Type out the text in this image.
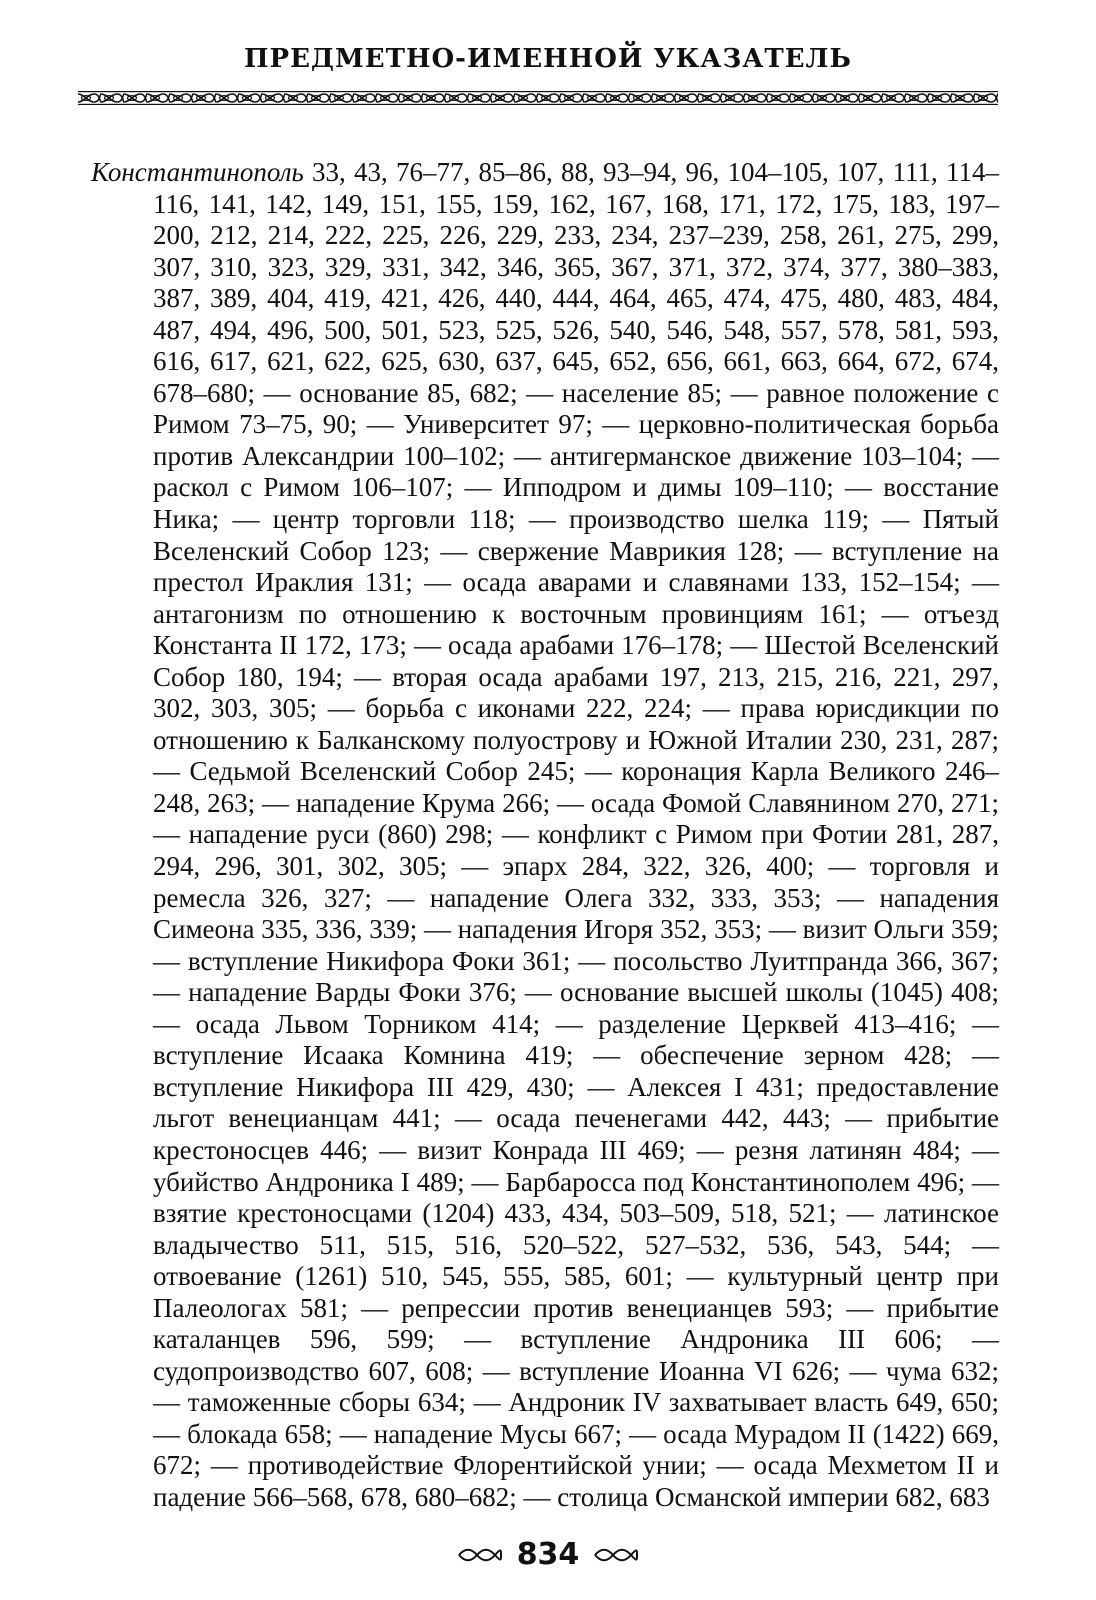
ПРЕДМЕТНО-ИМЕННОЙ УКАЗАТЕЛЬ

Константинополь 33, 43, 76–77, 85–86, 88, 93–94, 96, 104–105, 107, 111, 114–116, 141, 142, 149, 151, 155, 159, 162, 167, 168, 171, 172, 175, 183, 197–200, 212, 214, 222, 225, 226, 229, 233, 234, 237–239, 258, 261, 275, 299, 307, 310, 323, 329, 331, 342, 346, 365, 367, 371, 372, 374, 377, 380–383, 387, 389, 404, 419, 421, 426, 440, 444, 464, 465, 474, 475, 480, 483, 484, 487, 494, 496, 500, 501, 523, 525, 526, 540, 546, 548, 557, 578, 581, 593, 616, 617, 621, 622, 625, 630, 637, 645, 652, 656, 661, 663, 664, 672, 674, 678–680; — основание 85, 682; — население 85; — равное положение с Римом 73–75, 90; — Университет 97; — церковно-политическая борьба против Александрии 100–102; — антигерманское движение 103–104; — раскол с Римом 106–107; — Ипподром и димы 109–110; — восстание Ника; — центр торговли 118; — производство шелка 119; — Пятый Вселенский Собор 123; — свержение Маврикия 128; — вступление на престол Ираклия 131; — осада аварами и славянами 133, 152–154; — антагонизм по отношению к восточным провинциям 161; — отъезд Константа II 172, 173; — осада арабами 176–178; — Шестой Вселенский Собор 180, 194; — вторая осада арабами 197, 213, 215, 216, 221, 297, 302, 303, 305; — борьба с иконами 222, 224; — права юрисдикции по отношению к Балканскому полуострову и Южной Италии 230, 231, 287; — Седьмой Вселенский Собор 245; — коронация Карла Великого 246–248, 263; — нападение Крума 266; — осада Фомой Славянином 270, 271; — нападение руси (860) 298; — конфликт с Римом при Фотии 281, 287, 294, 296, 301, 302, 305; — эпарх 284, 322, 326, 400; — торговля и ремесла 326, 327; — нападение Олега 332, 333, 353; — нападения Симеона 335, 336, 339; — нападения Игоря 352, 353; — визит Ольги 359; — вступление Никифора Фоки 361; — посольство Луитпранда 366, 367; — нападение Варды Фоки 376; — основание высшей школы (1045) 408; — осада Львом Торником 414; — разделение Церквей 413–416; — вступление Исаака Комнина 419; — обеспечение зерном 428; — вступление Никифора III 429, 430; — Алексея I 431; предоставление льгот венецианцам 441; — осада печенегами 442, 443; — прибытие крестоносцев 446; — визит Конрада III 469; — резня латинян 484; — убийство Андроника I 489; — Барбаросса под Константинополем 496; — взятие крестоносцами (1204) 433, 434, 503–509, 518, 521; — латинское владычество 511, 515, 516, 520–522, 527–532, 536, 543, 544; — отвоевание (1261) 510, 545, 555, 585, 601; — культурный центр при Палеологах 581; — репрессии против венецианцев 593; — прибытие каталанцев 596, 599; — вступление Андроника III 606; — судопроизводство 607, 608; — вступление Иоанна VI 626; — чума 632; — таможенные сборы 634; — Андроник IV захватывает власть 649, 650; — блокада 658; — нападение Мусы 667; — осада Мурадом II (1422) 669, 672; — противодействие Флорентийской унии; — осада Мехметом II и падение 566–568, 678, 680–682; — столица Османской империи 682, 683

834
